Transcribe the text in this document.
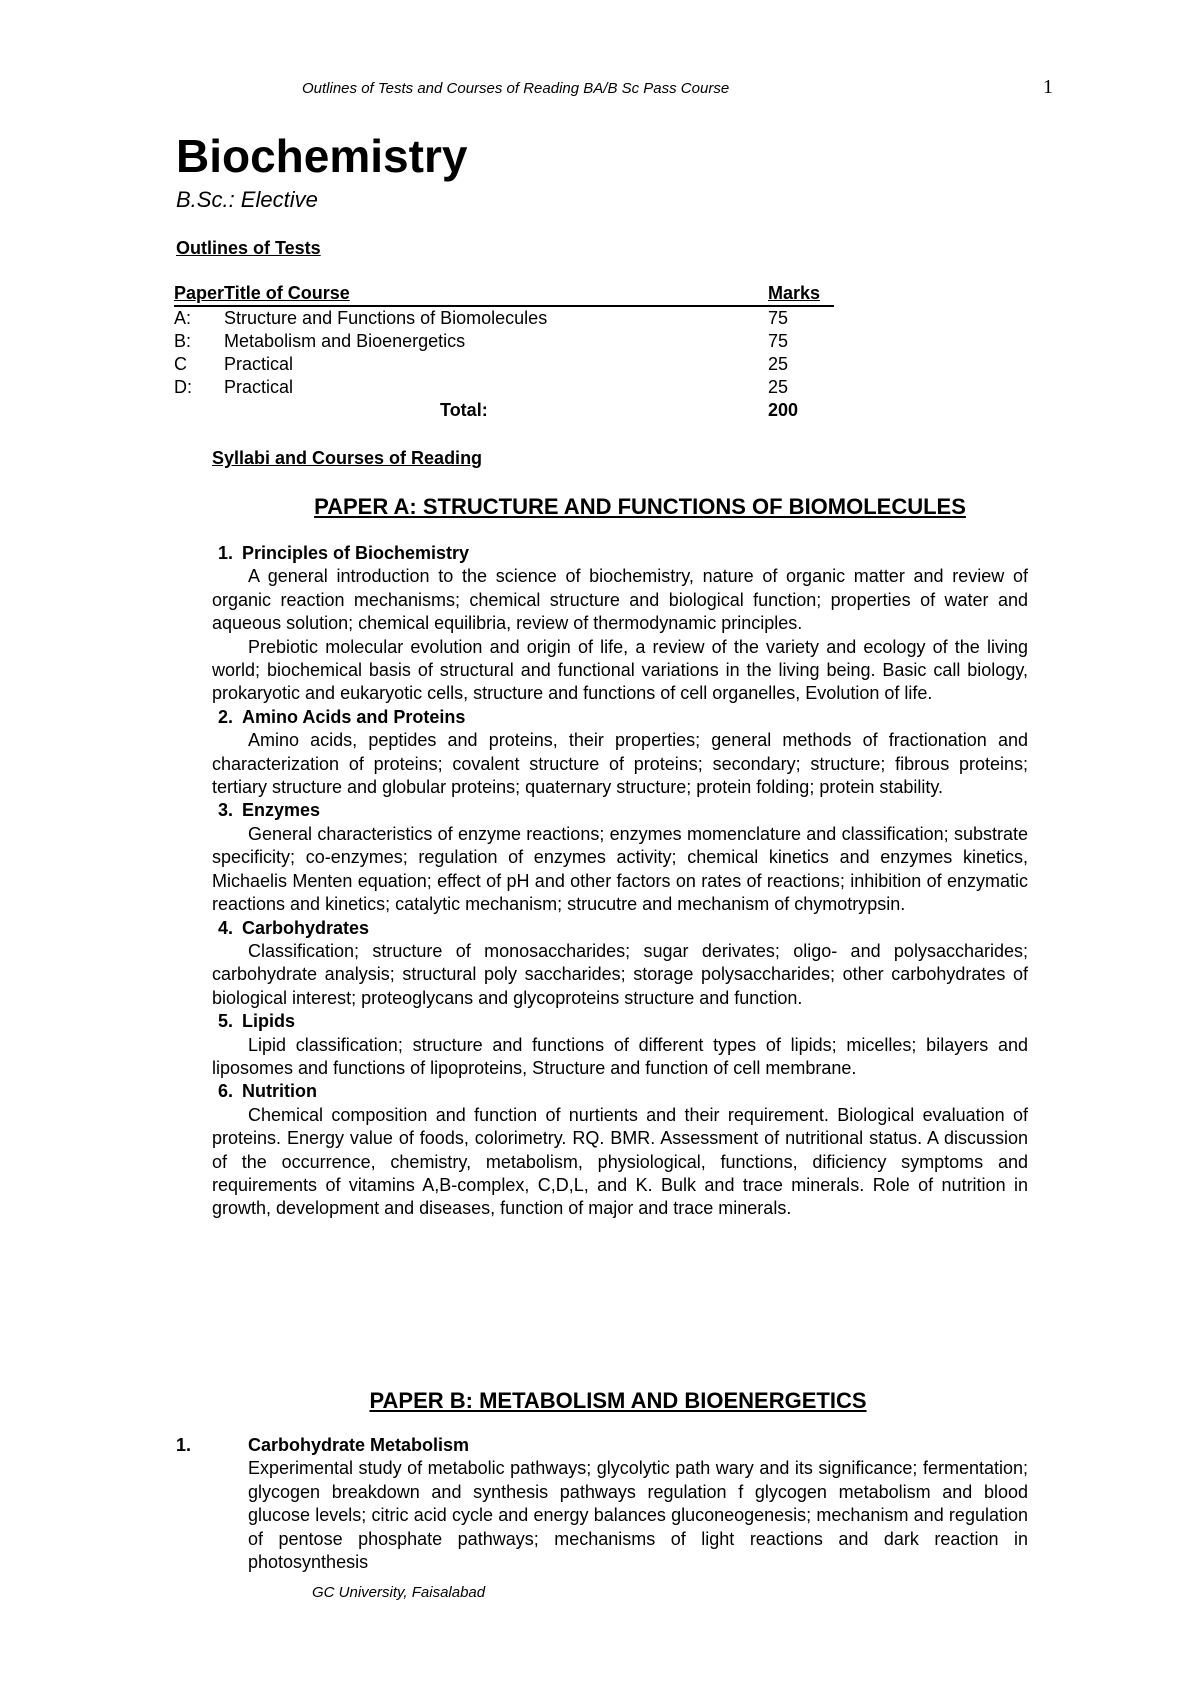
Outlines of Tests and Courses of Reading BA/B Sc Pass Course	1
Biochemistry
B.Sc.: Elective
Outlines of Tests
Paper	Title of Course	Marks
A:	Structure and Functions of Biomolecules	75
B:	Metabolism and Bioenergetics	75
C	Practical	25
D:	Practical	25
	Total:	200
Syllabi and Courses of Reading
PAPER A: STRUCTURE AND FUNCTIONS OF BIOMOLECULES

1. Principles of Biochemistry

A general introduction to the science of biochemistry, nature of organic matter and review of organic reaction mechanisms; chemical structure and biological function; properties of water and aqueous solution; chemical equilibria, review of thermodynamic principles.

Prebiotic molecular evolution and origin of life, a review of the variety and ecology of the living world; biochemical basis of structural and functional variations in the living being. Basic call biology, prokaryotic and eukaryotic cells, structure and functions of cell organelles, Evolution of life.

2. Amino Acids and Proteins

Amino acids, peptides and proteins, their properties; general methods of fractionation and characterization of proteins; covalent structure of proteins; secondary; structure; fibrous proteins; tertiary structure and globular proteins; quaternary structure; protein folding; protein stability.

3. Enzymes

General characteristics of enzyme reactions; enzymes momenclature and classification; substrate specificity; co-enzymes; regulation of enzymes activity; chemical kinetics and enzymes kinetics, Michaelis Menten equation; effect of pH and other factors on rates of reactions; inhibition of enzymatic reactions and kinetics; catalytic mechanism; strucutre and mechanism of chymotrypsin.

4. Carbohydrates

Classification; structure of monosaccharides; sugar derivates; oligo- and polysaccharides; carbohydrate analysis; structural poly saccharides; storage polysaccharides; other carbohydrates of biological interest; proteoglycans and glycoproteins structure and function.

5. Lipids

Lipid classification; structure and functions of different types of lipids; micelles; bilayers and liposomes and functions of lipoproteins, Structure and function of cell membrane.

6. Nutrition

Chemical composition and function of nurtients and their requirement. Biological evaluation of proteins. Energy value of foods, colorimetry. RQ. BMR. Assessment of nutritional status. A discussion of the occurrence, chemistry, metabolism, physiological, functions, dificiency symptoms and requirements of vitamins A,B-complex, C,D,L, and K. Bulk and trace minerals. Role of nutrition in growth, development and diseases, function of major and trace minerals.

PAPER B: METABOLISM AND BIOENERGETICS
1.	Carbohydrate Metabolism

Experimental study of metabolic pathways; glycolytic path wary and its significance; fermentation; glycogen breakdown and synthesis pathways regulation f glycogen metabolism and blood glucose levels; citric acid cycle and energy balances gluconeogenesis; mechanism and regulation of pentose phosphate pathways; mechanisms of light reactions and dark reaction in photosynthesis

GC University, Faisalabad
